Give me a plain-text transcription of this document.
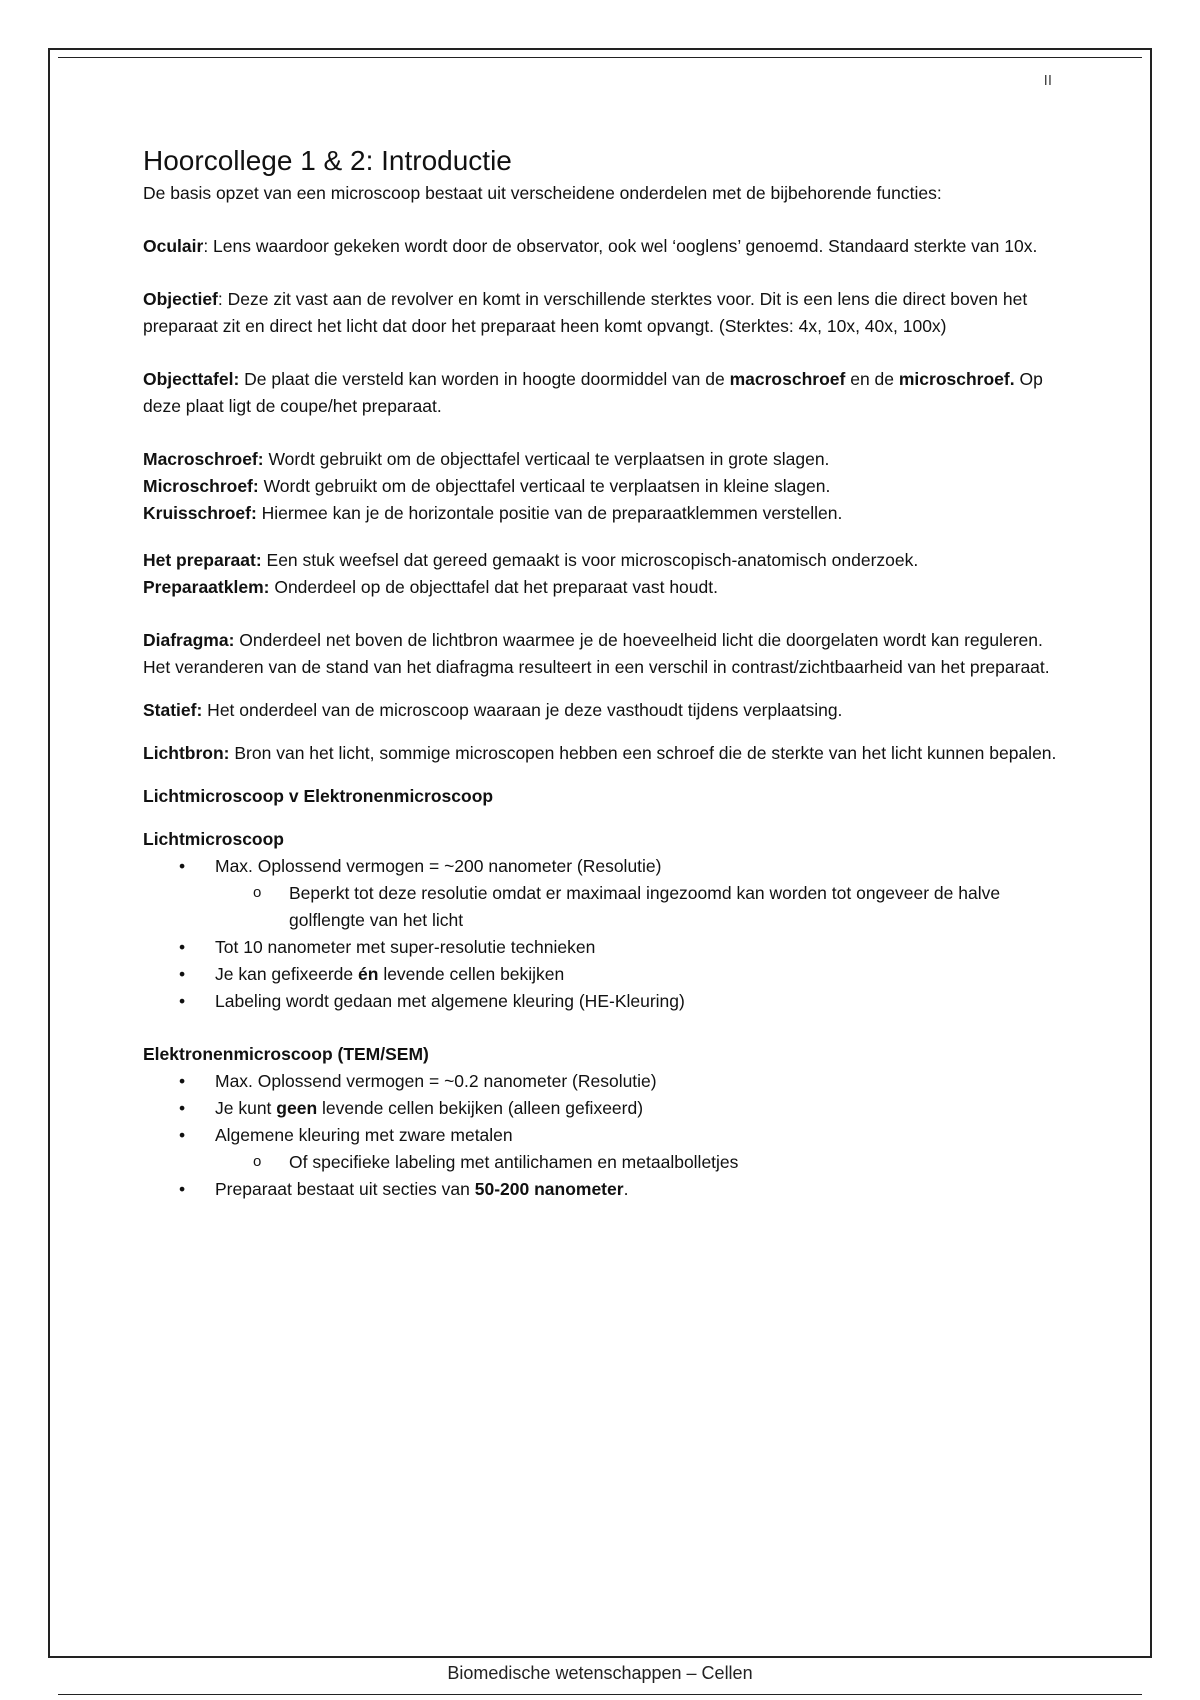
II
Hoorcollege 1 & 2: Introductie

De basis opzet van een microscoop bestaat uit verscheidene onderdelen met de bijbehorende functies:

Oculair: Lens waardoor gekeken wordt door de observator, ook wel ‘ooglens’ genoemd. Standaard sterkte van 10x.

Objectief: Deze zit vast aan de revolver en komt in verschillende sterktes voor. Dit is een lens die direct boven het preparaat zit en direct het licht dat door het preparaat heen komt opvangt. (Sterktes: 4x, 10x, 40x, 100x)

Objecttafel: De plaat die versteld kan worden in hoogte doormiddel van de macroschroef en de microschroef. Op deze plaat ligt de coupe/het preparaat.

Macroschroef: Wordt gebruikt om de objecttafel verticaal te verplaatsen in grote slagen.

Microschroef: Wordt gebruikt om de objecttafel verticaal te verplaatsen in kleine slagen.

Kruisschroef: Hiermee kan je de horizontale positie van de preparaatklemmen verstellen.

Het preparaat: Een stuk weefsel dat gereed gemaakt is voor microscopisch-anatomisch onderzoek.

Preparaatklem: Onderdeel op de objecttafel dat het preparaat vast houdt.

Diafragma: Onderdeel net boven de lichtbron waarmee je de hoeveelheid licht die doorgelaten wordt kan reguleren. Het veranderen van de stand van het diafragma resulteert in een verschil in contrast/zichtbaarheid van het preparaat.

Statief: Het onderdeel van de microscoop waaraan je deze vasthoudt tijdens verplaatsing.

Lichtbron: Bron van het licht, sommige microscopen hebben een schroef die de sterkte van het licht kunnen bepalen.

Lichtmicroscoop v Elektronenmicroscoop

Lichtmicroscoop

• Max. Oplossend vermogen = ~200 nanometer (Resolutie)
o Beperkt tot deze resolutie omdat er maximaal ingezoomd kan worden tot ongeveer de halve golflengte van het licht
• Tot 10 nanometer met super-resolutie technieken
• Je kan gefixeerde én levende cellen bekijken
• Labeling wordt gedaan met algemene kleuring (HE-Kleuring)

Elektronenmicroscoop (TEM/SEM)

• Max. Oplossend vermogen = ~0.2 nanometer (Resolutie)
• Je kunt geen levende cellen bekijken (alleen gefixeerd)
• Algemene kleuring met zware metalen
o Of specifieke labeling met antilichamen en metaalbolletjes
• Preparaat bestaat uit secties van 50-200 nanometer.
Biomedische wetenschappen – Cellen
